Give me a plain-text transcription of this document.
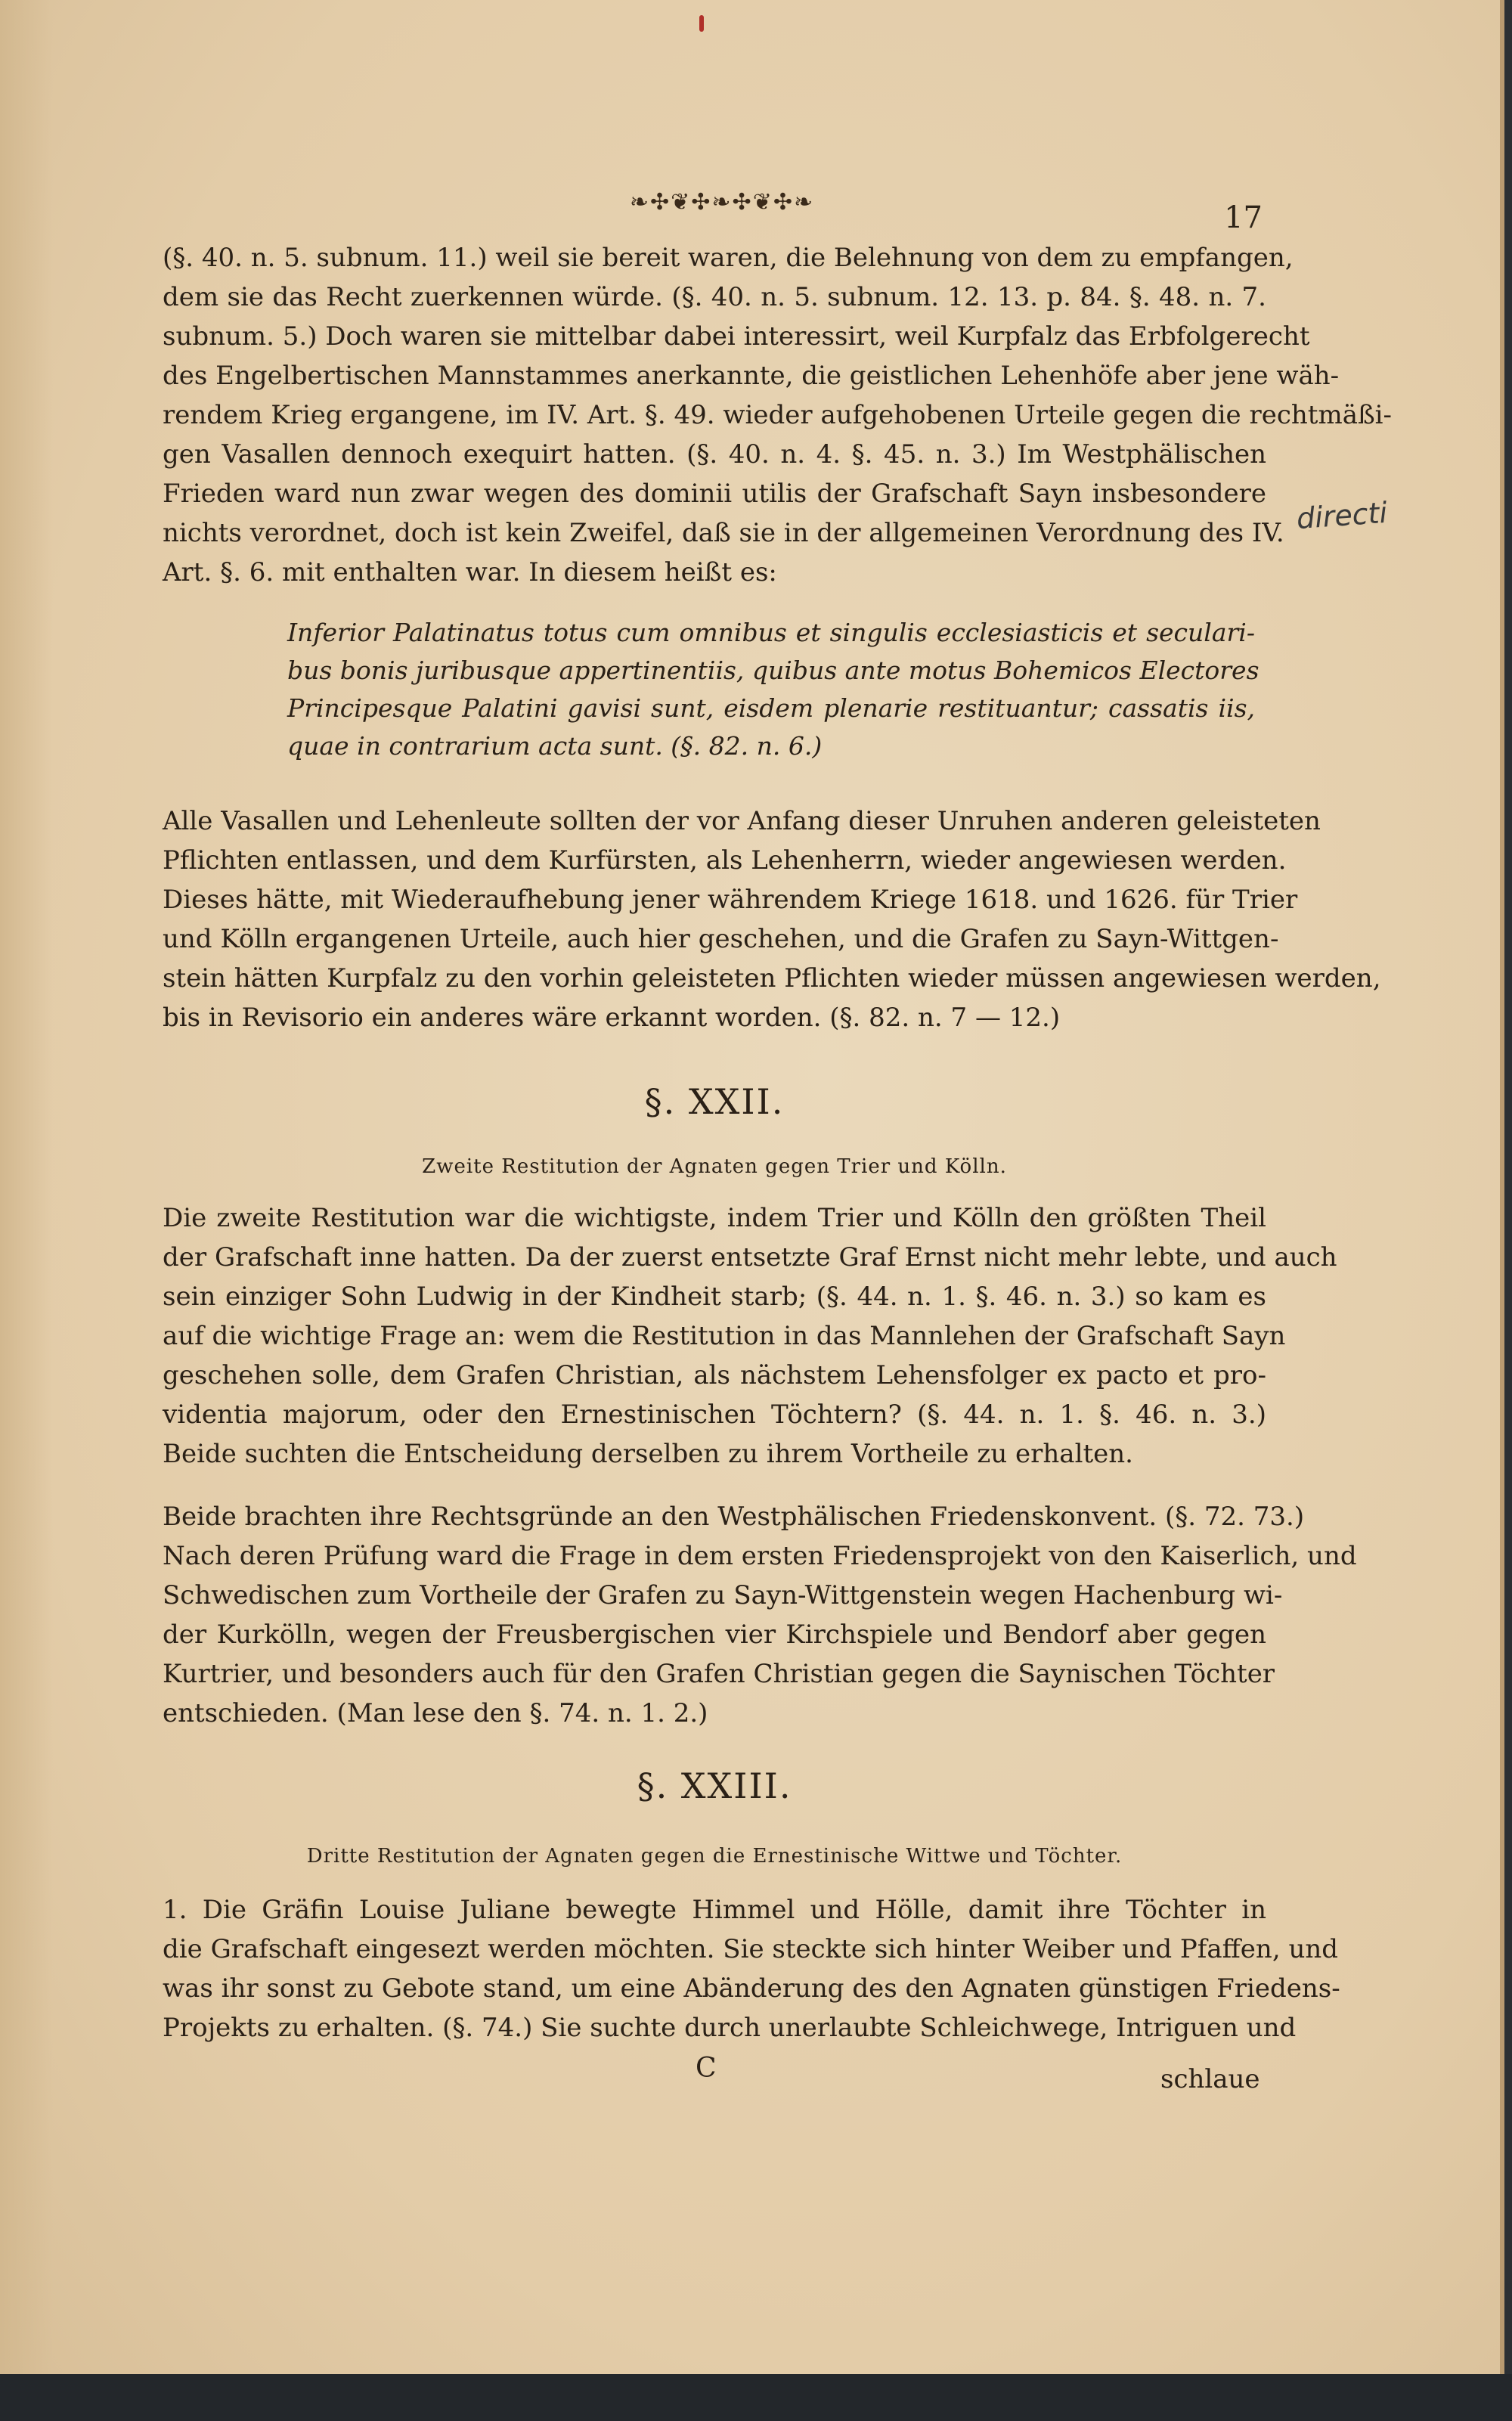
❧✣❦✣❧✣❦✣❧	17
(§. 40. n. 5. subnum. 11.) weil sie bereit waren, die Belehnung von dem zu empfangen,
dem sie das Recht zuerkennen würde. (§. 40. n. 5. subnum. 12. 13. p. 84. §. 48. n. 7.
subnum. 5.) Doch waren sie mittelbar dabei interessirt, weil Kurpfalz das Erbfolgerecht
des Engelbertischen Mannstammes anerkannte, die geistlichen Lehenhöfe aber jene wäh-
rendem Krieg ergangene, im IV. Art. §. 49. wieder aufgehobenen Urteile gegen die rechtmäßi-
gen Vasallen dennoch exequirt hatten. (§. 40. n. 4. §. 45. n. 3.) Im Westphälischen
Frieden ward nun zwar wegen des dominii utilis der Grafschaft Sayn insbesondere
nichts verordnet, doch ist kein Zweifel, daß sie in der allgemeinen Verordnung des IV.
Art. §. 6. mit enthalten war. In diesem heißt es:
directi
Inferior Palatinatus totus cum omnibus et singulis ecclesiasticis et seculari-
bus bonis juribusque appertinentiis, quibus ante motus Bohemicos Electores
Principesque Palatini gavisi sunt, eisdem plenarie restituantur; cassatis iis,
quae in contrarium acta sunt. (§. 82. n. 6.)
Alle Vasallen und Lehenleute sollten der vor Anfang dieser Unruhen anderen geleisteten
Pflichten entlassen, und dem Kurfürsten, als Lehenherrn, wieder angewiesen werden.
Dieses hätte, mit Wiederaufhebung jener währendem Kriege 1618. und 1626. für Trier
und Kölln ergangenen Urteile, auch hier geschehen, und die Grafen zu Sayn-Wittgen-
stein hätten Kurpfalz zu den vorhin geleisteten Pflichten wieder müssen angewiesen werden,
bis in Revisorio ein anderes wäre erkannt worden. (§. 82. n. 7 — 12.)
§. XXII.
Zweite Restitution der Agnaten gegen Trier und Kölln.
Die zweite Restitution war die wichtigste, indem Trier und Kölln den größten Theil
der Grafschaft inne hatten. Da der zuerst entsetzte Graf Ernst nicht mehr lebte, und auch
sein einziger Sohn Ludwig in der Kindheit starb; (§. 44. n. 1. §. 46. n. 3.) so kam es
auf die wichtige Frage an: wem die Restitution in das Mannlehen der Grafschaft Sayn
geschehen solle, dem Grafen Christian, als nächstem Lehensfolger ex pacto et pro-
videntia majorum, oder den Ernestinischen Töchtern? (§. 44. n. 1. §. 46. n. 3.)
Beide suchten die Entscheidung derselben zu ihrem Vortheile zu erhalten.
Beide brachten ihre Rechtsgründe an den Westphälischen Friedenskonvent. (§. 72. 73.)
Nach deren Prüfung ward die Frage in dem ersten Friedensprojekt von den Kaiserlich, und
Schwedischen zum Vortheile der Grafen zu Sayn-Wittgenstein wegen Hachenburg wi-
der Kurkölln, wegen der Freusbergischen vier Kirchspiele und Bendorf aber gegen
Kurtrier, und besonders auch für den Grafen Christian gegen die Saynischen Töchter
entschieden. (Man lese den §. 74. n. 1. 2.)
§. XXIII.
Dritte Restitution der Agnaten gegen die Ernestinische Wittwe und Töchter.
1. Die Gräfin Louise Juliane bewegte Himmel und Hölle, damit ihre Töchter in
die Grafschaft eingesezt werden möchten. Sie steckte sich hinter Weiber und Pfaffen, und
was ihr sonst zu Gebote stand, um eine Abänderung des den Agnaten günstigen Friedens-
Projekts zu erhalten. (§. 74.) Sie suchte durch unerlaubte Schleichwege, Intriguen und
C	schlaue
